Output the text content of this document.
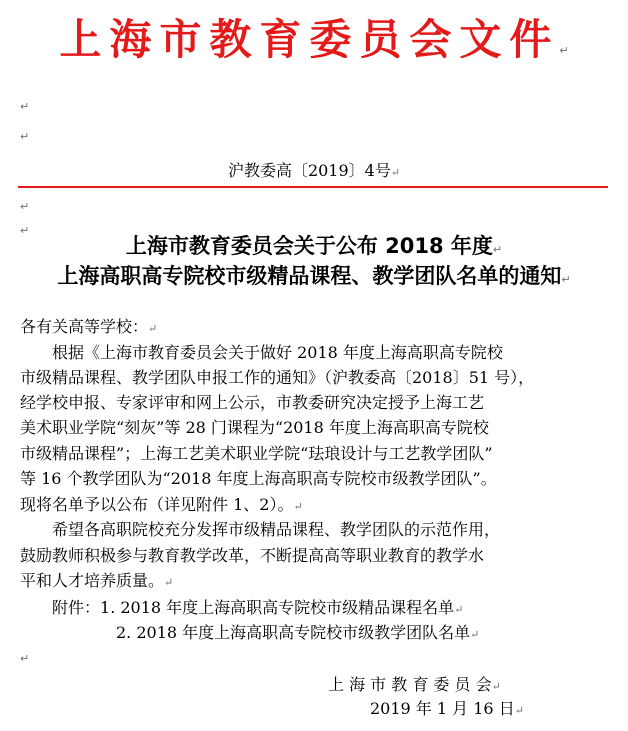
上海市教育委员会文件↵
↵
↵
沪教委高〔2019〕4号↵
↵
↵
上海市教育委员会关于公布 2018 年度↵
上海高职高专院校市级精品课程、教学团队名单的通知↵
各有关高等学校：↵
根据《上海市教育委员会关于做好 2018 年度上海高职高专院校
市级精品课程、教学团队申报工作的通知》（沪教委高〔2018〕51 号），
经学校申报、专家评审和网上公示，市教委研究决定授予上海工艺
美术职业学院“刻灰”等 28 门课程为“2018 年度上海高职高专院校
市级精品课程”；上海工艺美术职业学院“珐琅设计与工艺教学团队”
等 16 个教学团队为“2018 年度上海高职高专院校市级教学团队”。
现将名单予以公布（详见附件 1、2）。↵
希望各高职院校充分发挥市级精品课程、教学团队的示范作用，
鼓励教师积极参与教育教学改革，不断提高高等职业教育的教学水
平和人才培养质量。↵
附件：1. 2018 年度上海高职高专院校市级精品课程名单↵
2. 2018 年度上海高职高专院校市级教学团队名单↵
↵
上 海 市 教 育 委 员 会↵
2019 年 1 月 16 日↵
